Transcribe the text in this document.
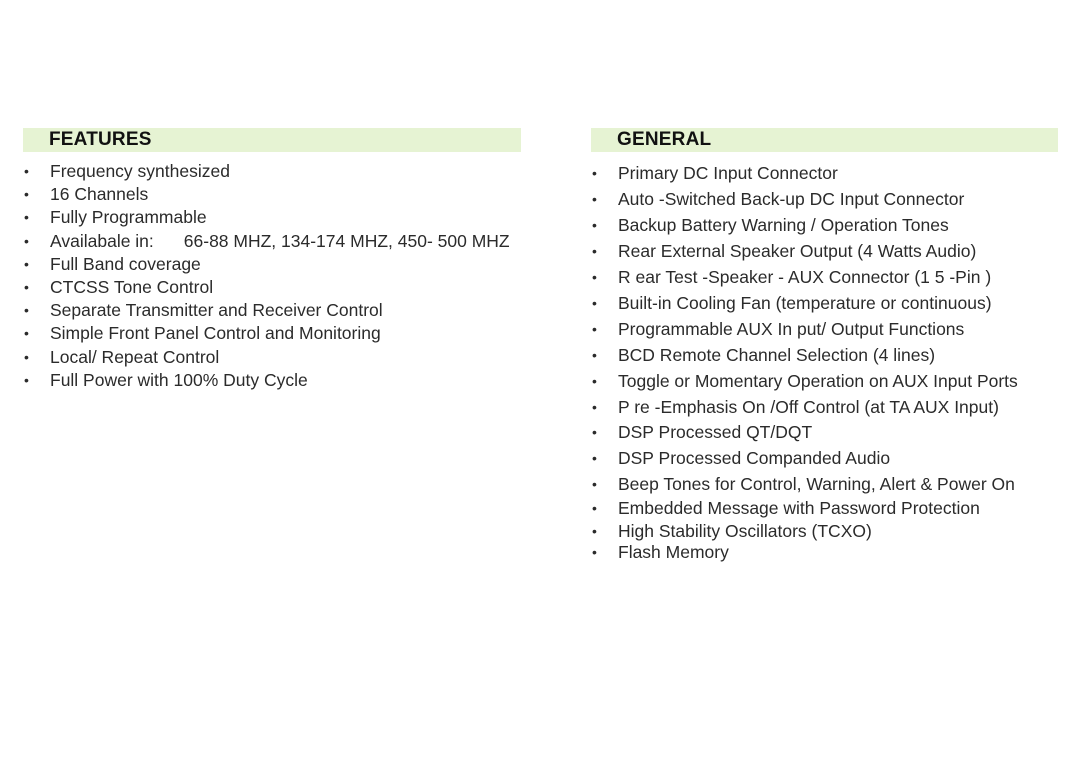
FEATURES
• Frequency synthesized
• 16 Channels
• Fully Programmable
• Availabale in: 66-88 MHZ, 134-174 MHZ, 450- 500 MHZ
• Full Band coverage
• CTCSS Tone Control
• Separate Transmitter and Receiver Control
• Simple Front Panel Control and Monitoring
• Local/ Repeat Control
• Full Power with 100% Duty Cycle
GENERAL
• Primary DC Input Connector
• Auto -Switched Back-up DC Input Connector
• Backup Battery Warning / Operation Tones
• Rear External Speaker Output (4 Watts Audio)
• R ear Test -Speaker - AUX Connector (1 5 -Pin )
• Built-in Cooling Fan (temperature or continuous)
• Programmable AUX In put/ Output Functions
• BCD Remote Channel Selection (4 lines)
• Toggle or Momentary Operation on AUX Input Ports
• P re -Emphasis On /Off Control (at TA AUX Input)
• DSP Processed QT/DQT
• DSP Processed Companded Audio
• Beep Tones for Control, Warning, Alert & Power On
• Embedded Message with Password Protection
• High Stability Oscillators (TCXO)
• Flash Memory
